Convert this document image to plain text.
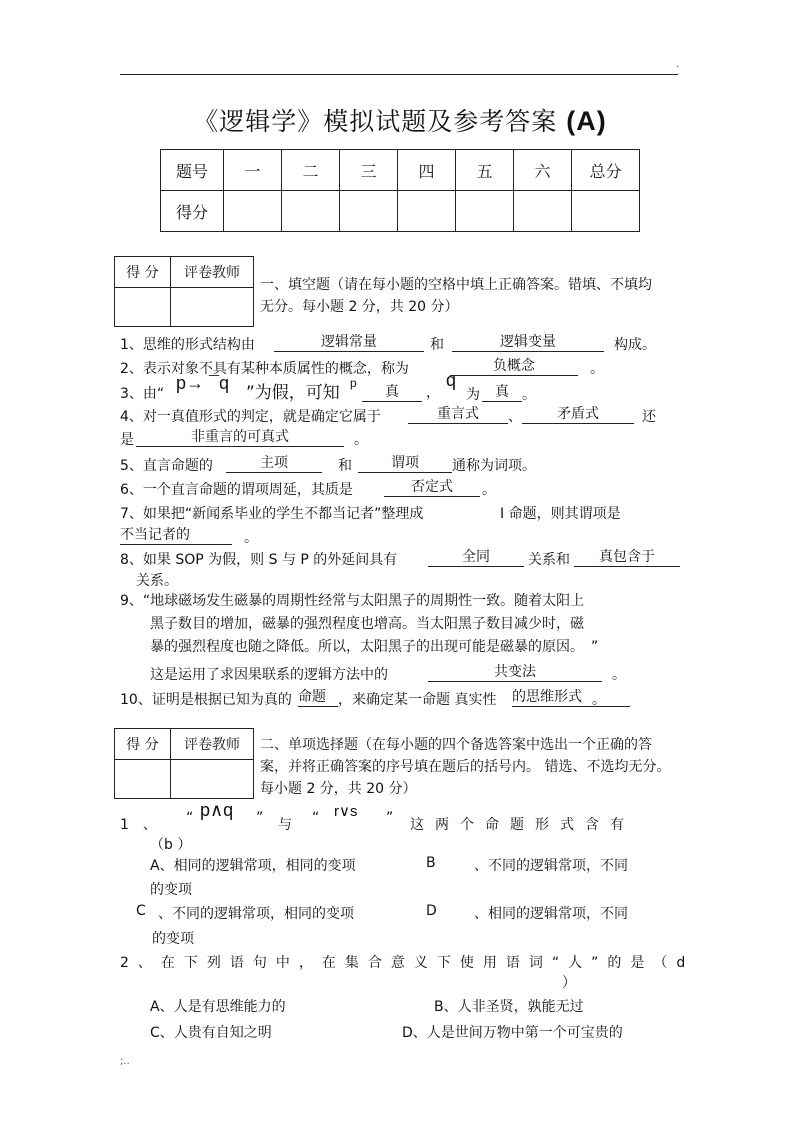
·
《逻辑学》模拟试题及参考答案 (A)
题号	一	二	三	四	五	六	总分
得分							
得 分	评卷教师

一、填空题（请在每小题的空格中填上正确答案。错填、不填均
无分。每小题 2 分，共 20 分）
1、思维的形式结构由	逻辑常量	和	逻辑变量	构成。
2、表示对象不具有某种本质属性的概念，称为	负概念	。
3、由“
p→ ¯q ”为假，可知 p
真	，
q
为	真 。
4、对一真值形式的判定，就是确定它属于	重言式	、	矛盾式	还
是	非重言的可真式	。
5、直言命题的	主项	和	谓项	通称为词项。
6、一个直言命题的谓项周延，其质是	否定式	。
7、如果把“新闻系毕业的学生不都当记者”整理成	I 命题，则其谓项是
不当记者的	。
8、如果 SOP 为假，则 S 与 P 的外延间具有	全同	关系和	真包含于
关系。
9、“地球磁场发生磁暴的周期性经常与太阳黑子的周期性一致。随着太阳上
黑子数目的增加，磁暴的强烈程度也增高。当太阳黑子数目减少时，磁
暴的强烈程度也随之降低。所以，太阳黑子的出现可能是磁暴的原因。　”
这是运用了求因果联系的逻辑方法中的	共变法	。
10、证明是根据已知为真的 命题 ，来确定某一命题 真实性 的思维形式 。
得 分	评卷教师
	二、单项选择题（在每小题的四个备选答案中选出一个正确的答
案，并将正确答案的序号填在题后的括号内。 错选、不选均无分。
每小题 2 分，共 20 分）
1　、 “ p∧q ” 与 “ r∨s ” 这两个命题形式含有
（b ）
A、相同的逻辑常项，相同的变项	B	、不同的逻辑常项，不同
的变项
C 、不同的逻辑常项，相同的变项	D	、相同的逻辑常项，不同
的变项
2、在下列语句中，在集合意义下使用语词“人”的是（d
）
A、人是有思维能力的	B、人非圣贤，孰能无过
C、人贵有自知之明	D、人是世间万物中第一个可宝贵的
;..
